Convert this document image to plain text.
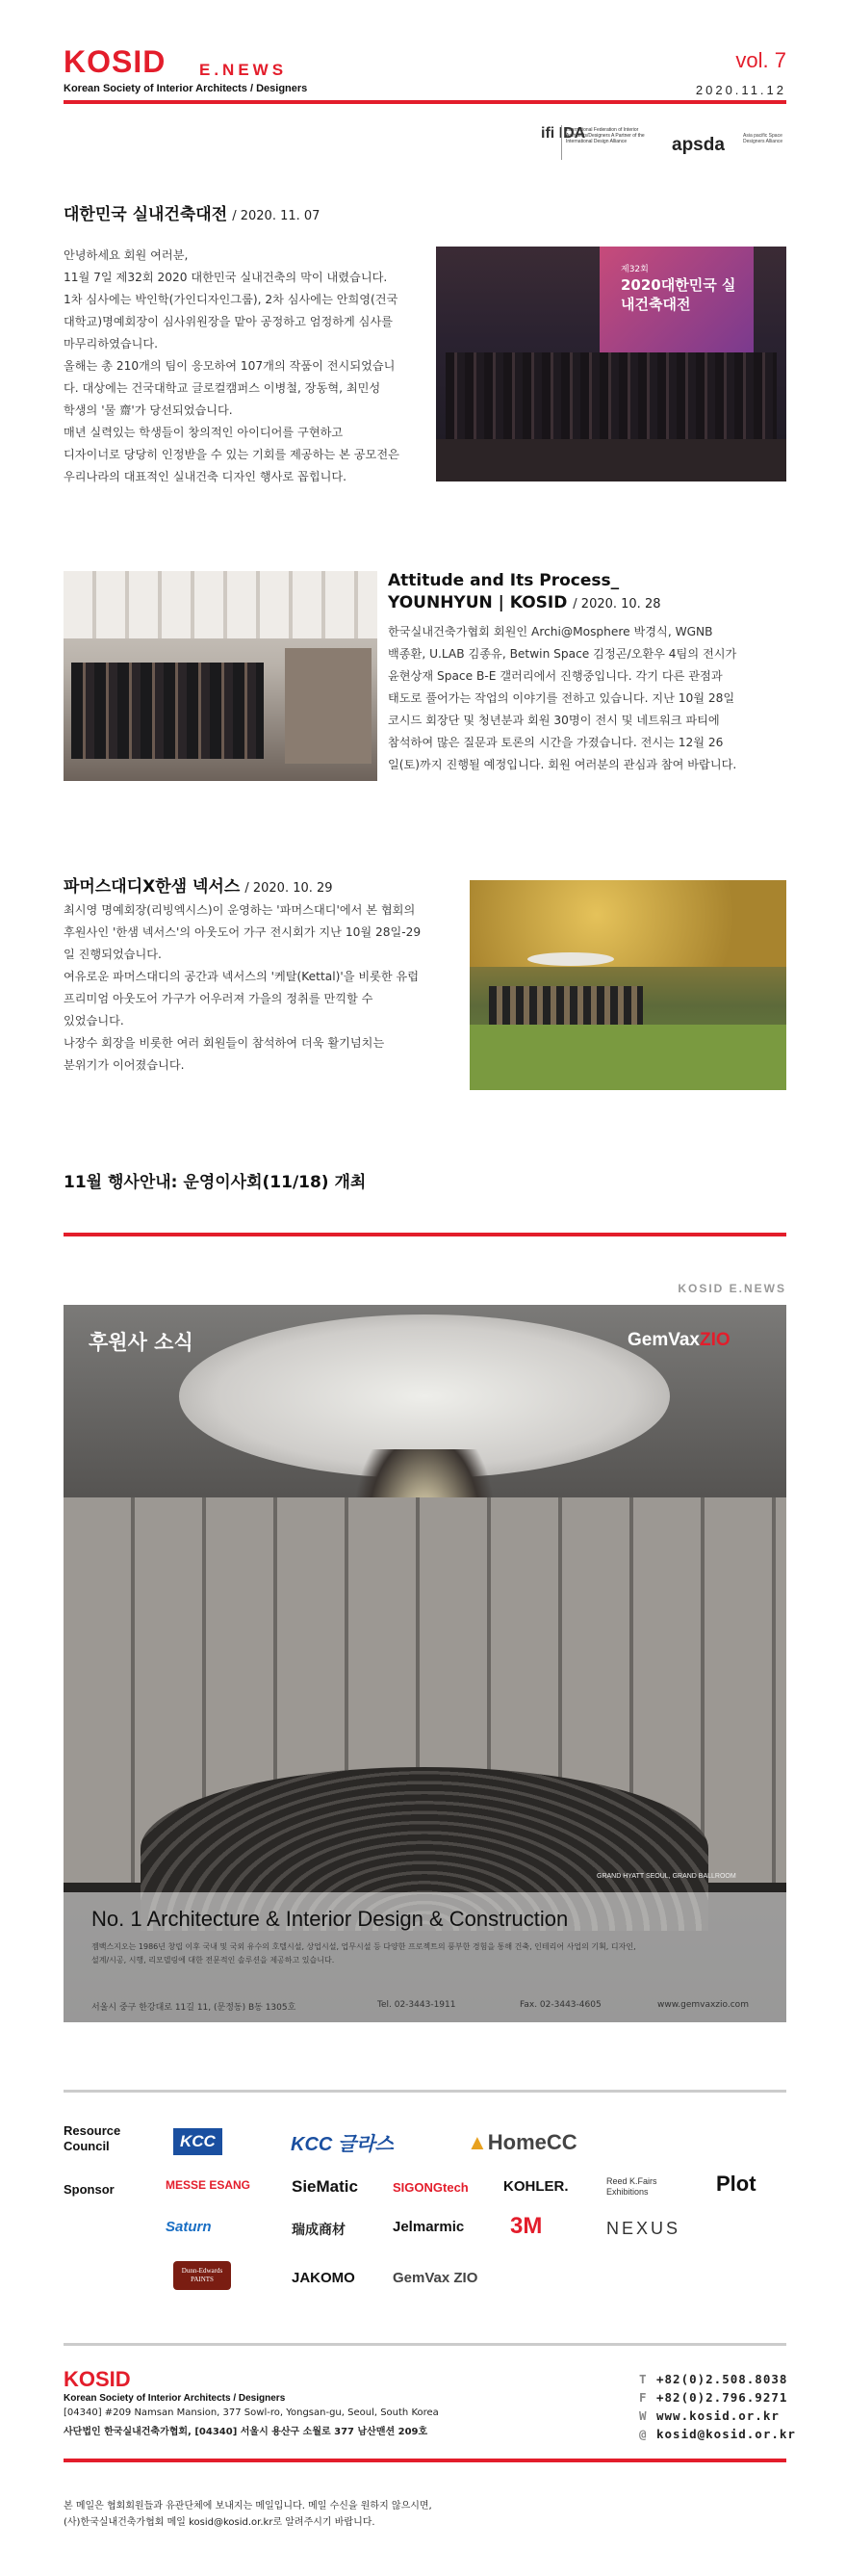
KOSID E.NEWS
Korean Society of Interior Architects / Designers
vol. 7
2020.11.12
ifi IDA
International Federation of Interior Architects/Designers A Partner of the International Design Alliance	apsda	Asia pacific Space Designers Alliance
대한민국 실내건축대전 / 2020. 11. 07
안녕하세요 회원 여러분,
11월 7일 제32회 2020 대한민국 실내건축의 막이 내렸습니다.
1차 심사에는 박인학(가인디자인그룹), 2차 심사에는 안희영(건국
대학교)명예회장이 심사위원장을 맡아 공정하고 엄정하게 심사를
마무리하였습니다.
올해는 총 210개의 팀이 응모하여 107개의 작품이 전시되었습니
다. 대상에는 건국대학교 글로컬캠퍼스 이병철, 장동혁, 최민성
학생의 '물 齋'가 당선되었습니다.
매년 실력있는 학생들이 창의적인 아이디어를 구현하고
디자이너로 당당히 인정받을 수 있는 기회를 제공하는 본 공모전은
우리나라의 대표적인 실내건축 디자인 행사로 꼽힙니다.
제32회
2020대한민국 실내건축대전
Attitude and Its Process_
YOUNHYUN | KOSID / 2020. 10. 28
한국실내건축가협회 회원인 Archi@Mosphere 박경식, WGNB
백종환, U.LAB 김종유, Betwin Space 김정곤/오환우 4팀의 전시가
윤현상재 Space B-E 갤러리에서 진행중입니다. 각기 다른 관점과
태도로 풀어가는 작업의 이야기를 전하고 있습니다. 지난 10월 28일
코시드 회장단 및 청년분과 회원 30명이 전시 및 네트워크 파티에
참석하여 많은 질문과 토론의 시간을 가졌습니다. 전시는 12월 26
일(토)까지 진행될 예정입니다. 회원 여러분의 관심과 참여 바랍니다.
파머스대디X한샘 넥서스 / 2020. 10. 29
최시영 명예회장(리빙엑시스)이 운영하는 '파머스대디'에서 본 협회의
후원사인 '한샘 넥서스'의 아웃도어 가구 전시회가 지난 10월 28일-29
일 진행되었습니다.
여유로운 파머스대디의 공간과 넥서스의 '케탈(Kettal)'을 비롯한 유럽
프리미엄 아웃도어 가구가 어우러져 가을의 정취를 만끽할 수
있었습니다.
나장수 회장을 비롯한 여러 회원들이 참석하여 더욱 활기넘치는
분위기가 이어졌습니다.
11월 행사안내: 운영이사회(11/18) 개최
KOSID E.NEWS
후원사 소식	GemVaxZIO
GRAND HYATT SEOUL, GRAND BALLROOM
No. 1 Architecture & Interior Design & Construction
젬백스지오는 1986년 창립 이후 국내 및 국외 유수의 호텔시설, 상업시설, 업무시설 등 다양한 프로젝트의 풍부한 경험을 통해 건축, 인테리어 사업의 기획, 디자인,
설계/시공, 시행, 리모델링에 대한 전문적인 솔루션을 제공하고 있습니다.
서울시 중구 한강대로 11길 11, (문정동) B동 1305호	Tel. 02-3443-1911	Fax. 02-3443-4605	www.gemvaxzio.com
Resource Council
Sponsor
KCC	KCC 글라스	▲HomeCC
MESSE ESANG	SieMatic	SIGONGtech KOHLER.	Reed K.Fairs Exhibitions	Plot
Saturn	瑞成商材	Jelmarmic 3M	NEXUS
Dunn-Edwards PAINTS	JAKOMO	GemVax ZIO
KOSID
Korean Society of Interior Architects / Designers
[04340] #209 Namsan Mansion, 377 Sowl-ro, Yongsan-gu, Seoul, South Korea
사단법인 한국실내건축가협회, [04340] 서울시 용산구 소월로 377 남산맨션 209호
T +82(0)2.508.8038
F +82(0)2.796.9271
W www.kosid.or.kr
@ kosid@kosid.or.kr
본 메일은 협회회원들과 유관단체에 보내지는 메일입니다. 메일 수신을 원하지 않으시면,
(사)한국실내건축가협회 메일 kosid@kosid.or.kr로 알려주시기 바랍니다.
